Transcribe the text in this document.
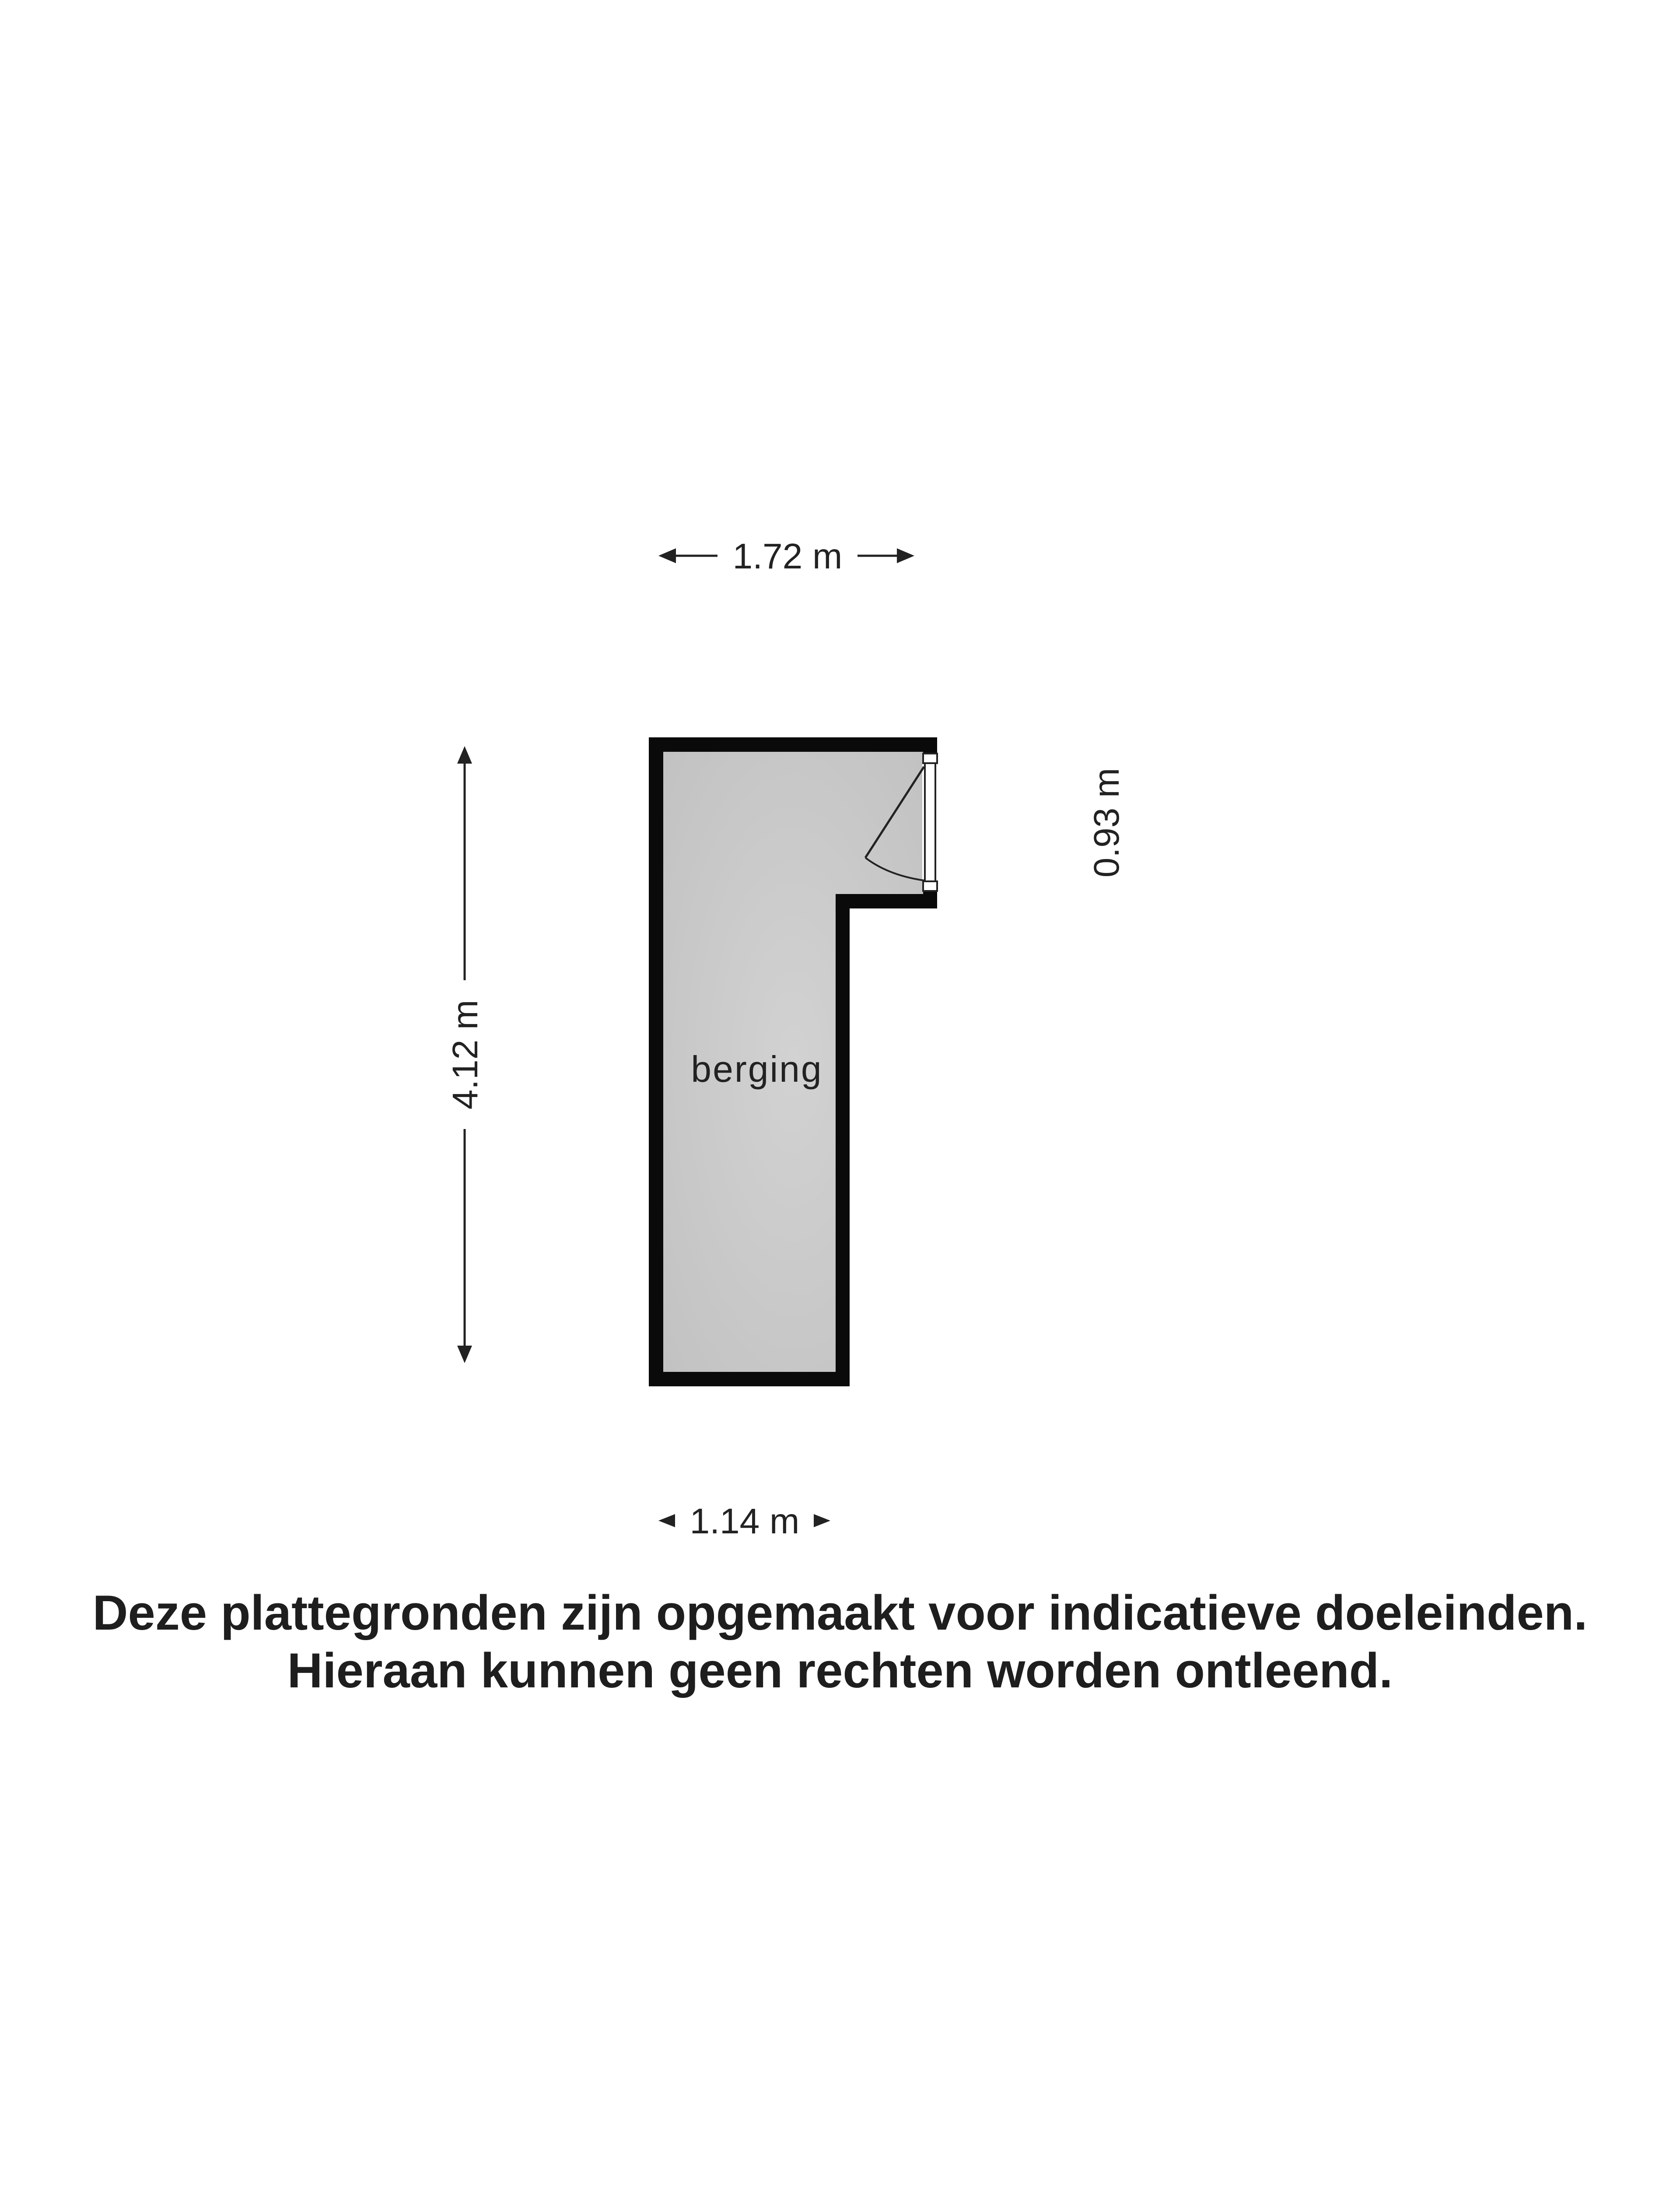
1.72 m
4.12 m
0.93 m
1.14 m
berging
Deze plattegronden zijn opgemaakt voor indicatieve doeleinden.
Hieraan kunnen geen rechten worden ontleend.
